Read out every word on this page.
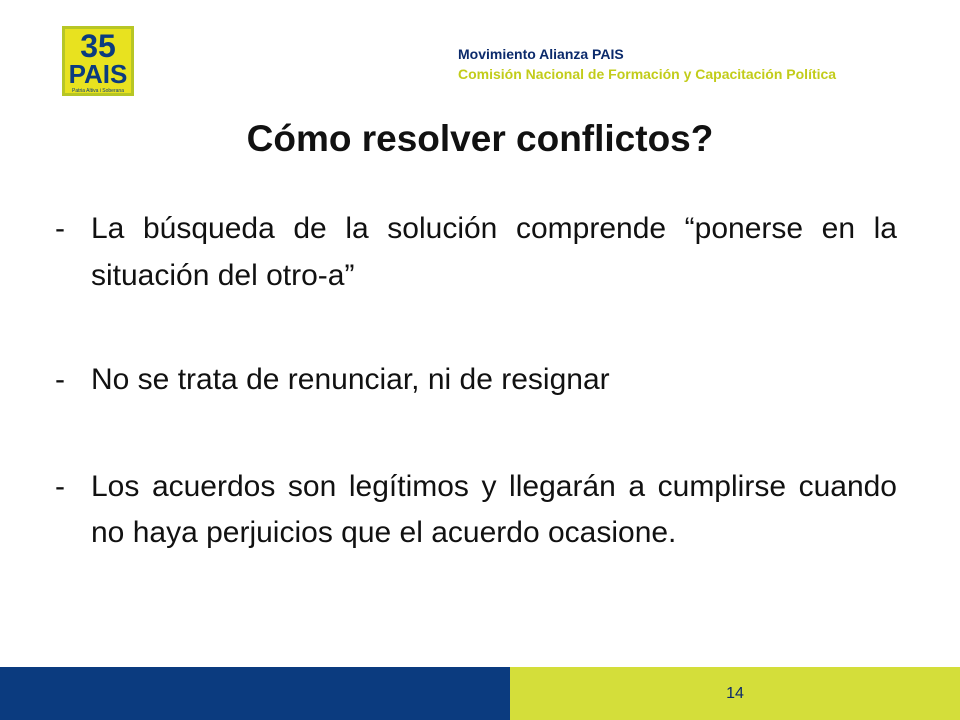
35
PAIS
Patria Altiva i Soberana
Movimiento Alianza PAIS
Comisión Nacional de Formación y Capacitación Política
Cómo resolver conflictos?
- La búsqueda de la solución comprende “ponerse en la situación del otro-a”
- No se trata de renunciar, ni de resignar
- Los acuerdos son legítimos y llegarán a cumplirse cuando no haya perjuicios que el acuerdo ocasione.
14
